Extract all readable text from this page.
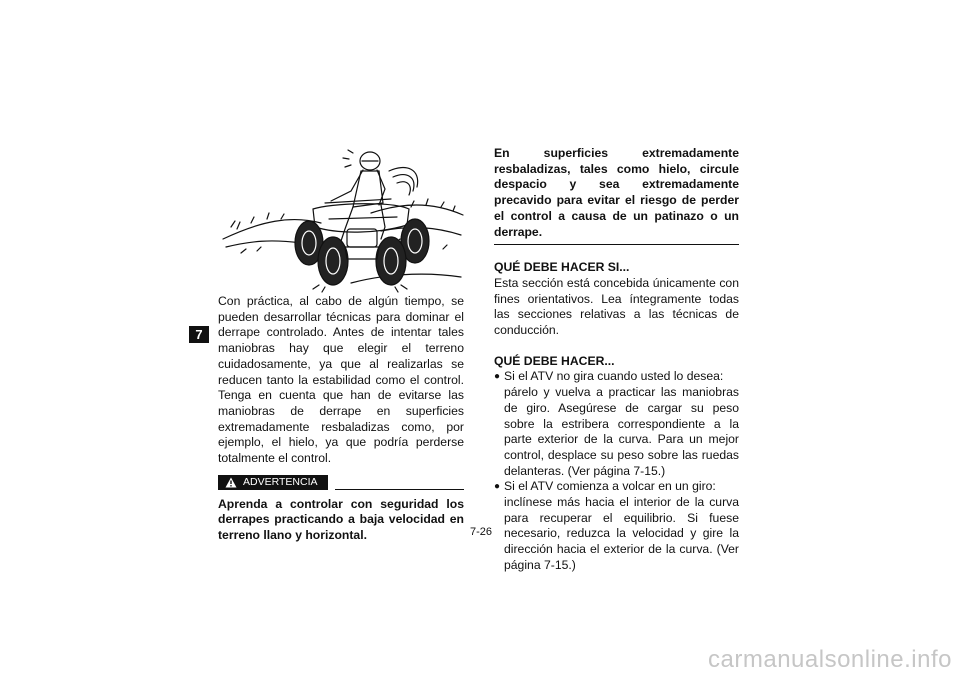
7

Con práctica, al cabo de algún tiempo, se pueden desarrollar técnicas para dominar el derrape controlado. Antes de intentar tales maniobras hay que elegir el terreno cuidadosamente, ya que al realizarlas se reducen tanto la estabilidad como el control. Tenga en cuenta que han de evitarse las maniobras de derrape en superficies extremadamente resbaladizas como, por ejemplo, el hielo, ya que podría perderse totalmente el control.

ADVERTENCIA

Aprenda a controlar con seguridad los derrapes practicando a baja velocidad en terreno llano y horizontal.

En superficies extremadamente resbaladizas, tales como hielo, circule despacio y sea extremadamente precavido para evitar el riesgo de perder el control a causa de un patinazo o un derrape.

QUÉ DEBE HACER SI...

Esta sección está concebida únicamente con fines orientativos. Lea íntegramente todas las secciones relativas a las técnicas de conducción.

QUÉ DEBE HACER...

● Si el ATV no gira cuando usted lo desea:

párelo y vuelva a practicar las maniobras de giro. Asegúrese de cargar su peso sobre la estribera correspondiente a la parte exterior de la curva. Para un mejor control, desplace su peso sobre las ruedas delanteras. (Ver página 7-15.)

● Si el ATV comienza a volcar en un giro:

inclínese más hacia el interior de la curva para recuperar el equilibrio. Si fuese necesario, reduzca la velocidad y gire la dirección hacia el exterior de la curva. (Ver página 7-15.)

7-26
carmanualsonline.info
